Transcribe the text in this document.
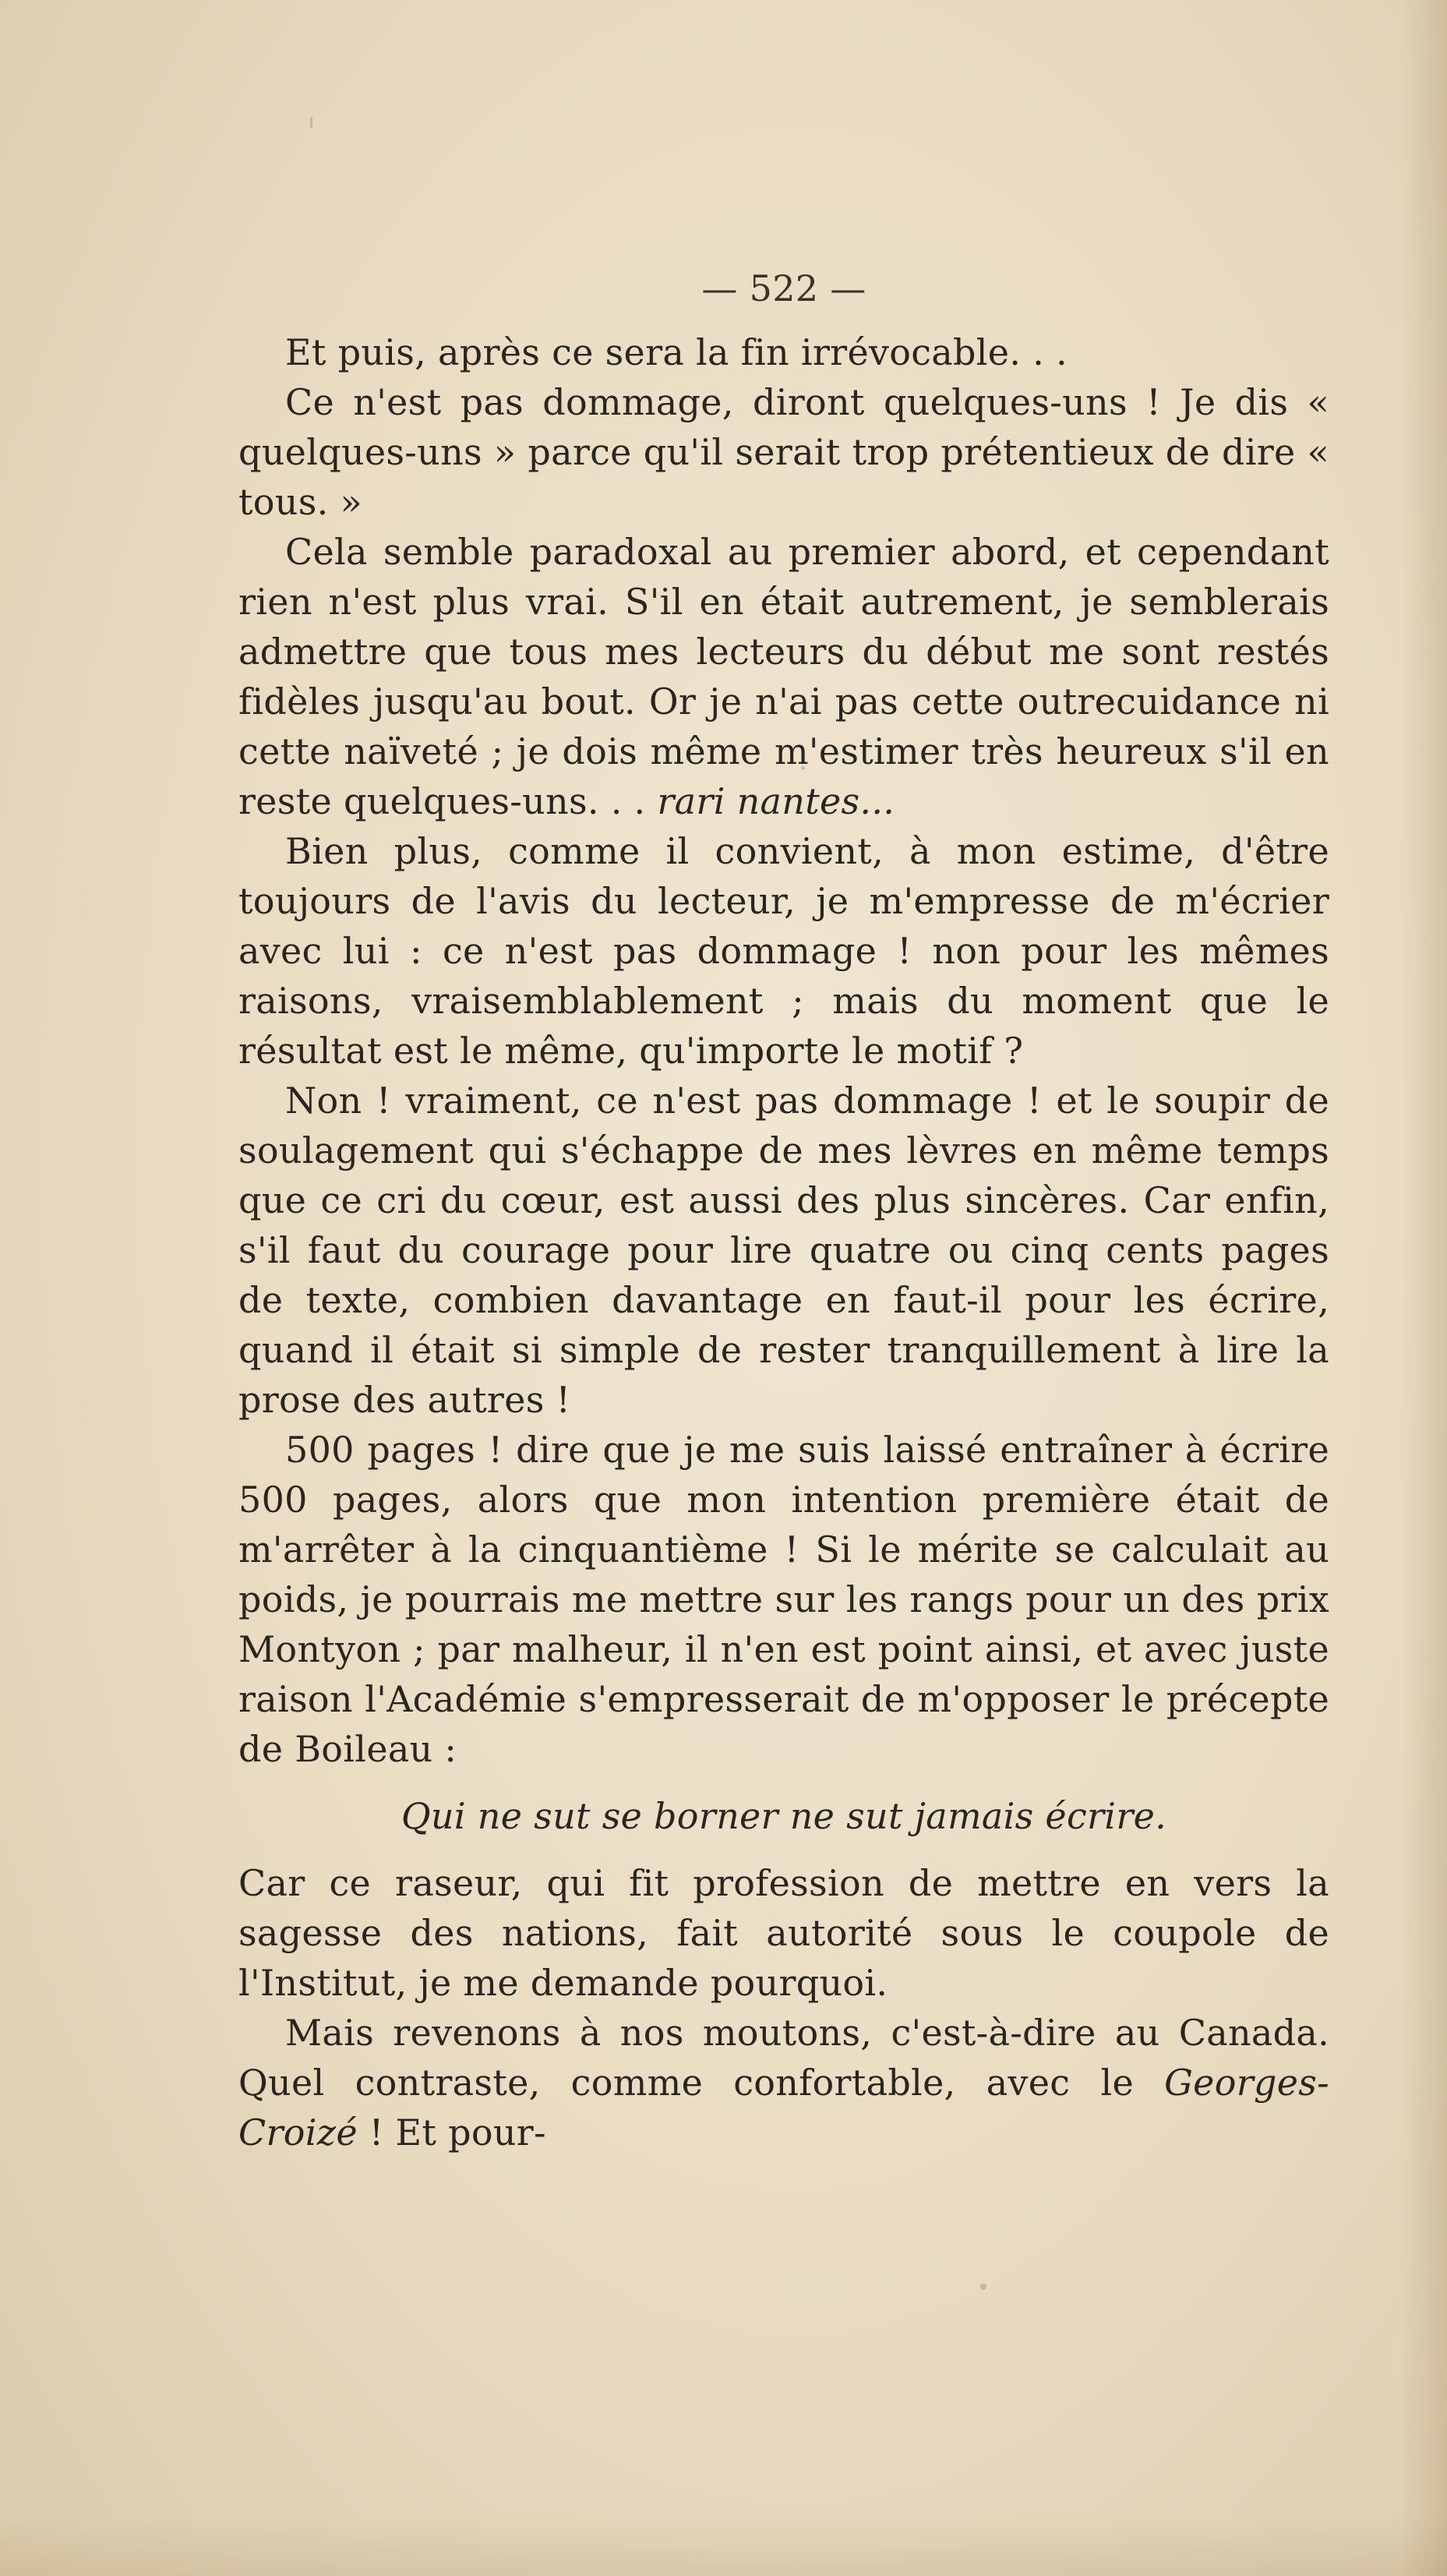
— 522 —

Et puis, après ce sera la fin irrévocable. . .

Ce n'est pas dommage, diront quelques-uns ! Je dis « quelques-uns » parce qu'il serait trop prétentieux de dire « tous. »

Cela semble paradoxal au premier abord, et cependant rien n'est plus vrai. S'il en était autrement, je semblerais admettre que tous mes lecteurs du début me sont restés fidèles jusqu'au bout. Or je n'ai pas cette outrecuidance ni cette naïveté ; je dois même m'estimer très heureux s'il en reste quelques-uns. . . rari nantes...

Bien plus, comme il convient, à mon estime, d'être toujours de l'avis du lecteur, je m'empresse de m'écrier avec lui : ce n'est pas dommage ! non pour les mêmes raisons, vraisemblablement ; mais du moment que le résultat est le même, qu'importe le motif ?

Non ! vraiment, ce n'est pas dommage ! et le soupir de soulagement qui s'échappe de mes lèvres en même temps que ce cri du cœur, est aussi des plus sincères. Car enfin, s'il faut du courage pour lire quatre ou cinq cents pages de texte, combien davantage en faut-il pour les écrire, quand il était si simple de rester tranquillement à lire la prose des autres !

500 pages ! dire que je me suis laissé entraîner à écrire 500 pages, alors que mon intention première était de m'arrêter à la cinquantième ! Si le mérite se calculait au poids, je pourrais me mettre sur les rangs pour un des prix Montyon ; par malheur, il n'en est point ainsi, et avec juste raison l'Académie s'empresserait de m'opposer le précepte de Boileau :

Qui ne sut se borner ne sut jamais écrire.

Car ce raseur, qui fit profession de mettre en vers la sagesse des nations, fait autorité sous le coupole de l'Institut, je me demande pourquoi.

Mais revenons à nos moutons, c'est-à-dire au Canada. Quel contraste, comme confortable, avec le Georges-Croizé ! Et pour-
